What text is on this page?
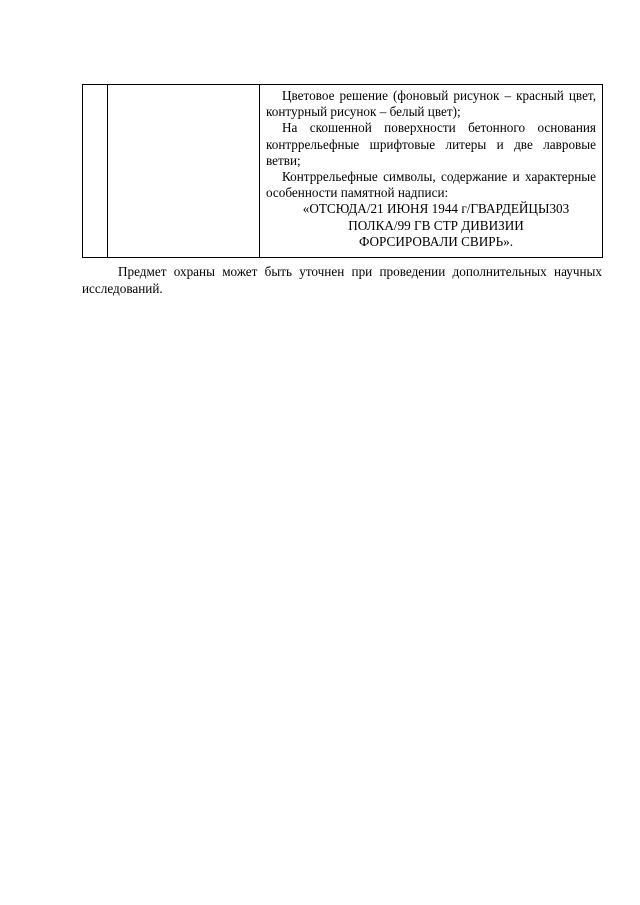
Цветовое решение (фоновый рисунок – красный цвет, контурный рисунок – белый цвет);

На скошенной поверхности бетонного основания контррельефные шрифтовые литеры и две лавровые ветви;

Контррельефные символы, содержание и характерные особенности памятной надписи:

«ОТСЮДА/21 ИЮНЯ 1944 г/ГВАРДЕЙЦЫ303

ПОЛКА/99 ГВ СТР ДИВИЗИИ

ФОРСИРОВАЛИ СВИРЬ».

Предмет охраны может быть уточнен при проведении дополнительных научных исследований.
